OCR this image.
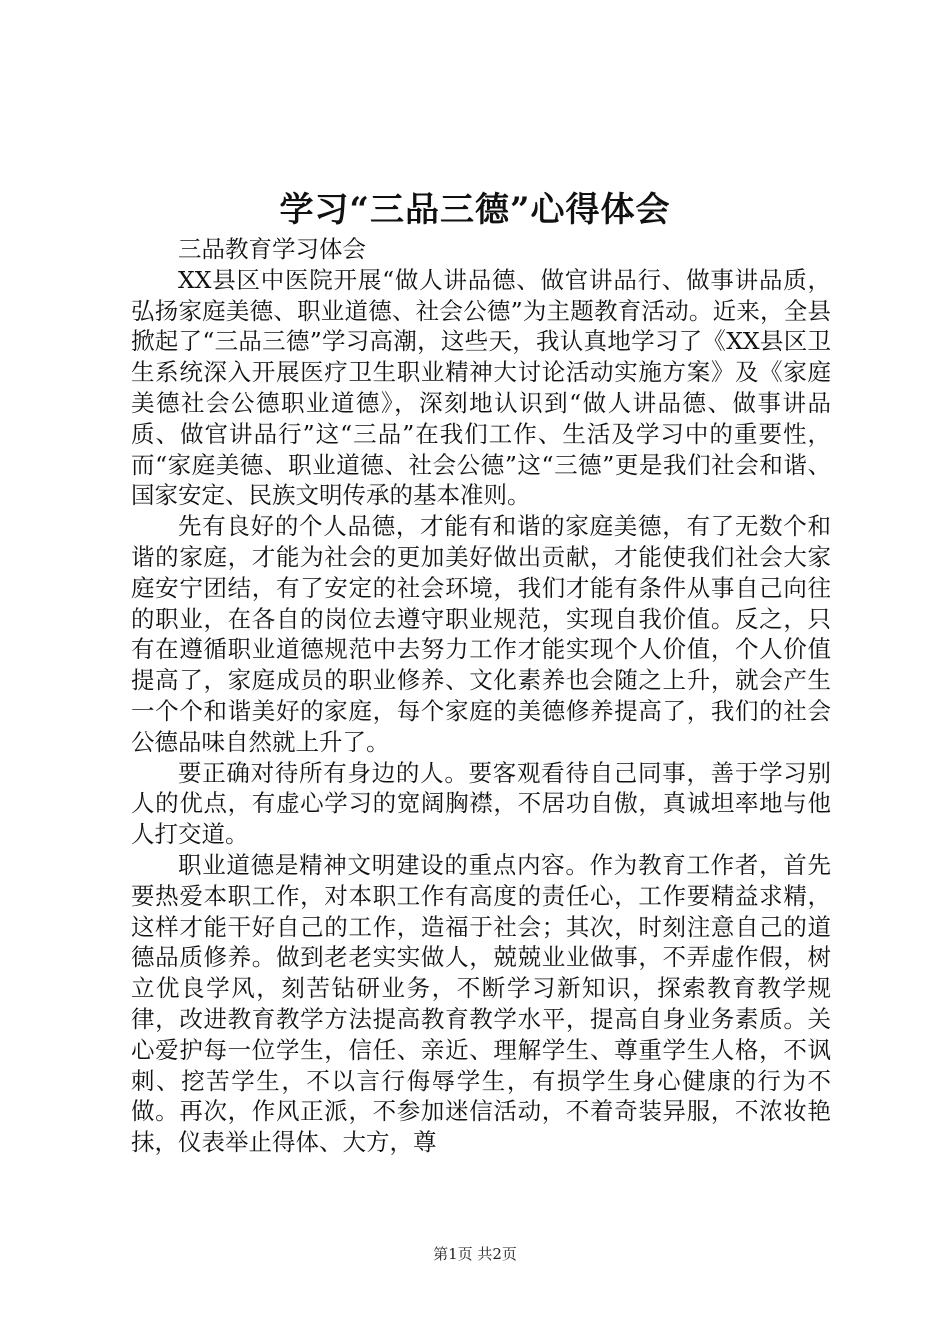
学习“三品三德”心得体会

三品教育学习体会

XX县区中医院开展“做人讲品德、做官讲品行、做事讲品质，弘扬家庭美德、职业道德、社会公德”为主题教育活动。近来，全县掀起了“三品三德”学习高潮，这些天，我认真地学习了《XX县区卫生系统深入开展医疗卫生职业精神大讨论活动实施方案》及《家庭美德社会公德职业道德》，深刻地认识到“做人讲品德、做事讲品质、做官讲品行”这“三品”在我们工作、生活及学习中的重要性，而“家庭美德、职业道德、社会公德”这“三德”更是我们社会和谐、国家安定、民族文明传承的基本准则。

先有良好的个人品德，才能有和谐的家庭美德，有了无数个和谐的家庭，才能为社会的更加美好做出贡献，才能使我们社会大家庭安宁团结，有了安定的社会环境，我们才能有条件从事自己向往的职业，在各自的岗位去遵守职业规范，实现自我价值。反之，只有在遵循职业道德规范中去努力工作才能实现个人价值，个人价值提高了，家庭成员的职业修养、文化素养也会随之上升，就会产生一个个和谐美好的家庭，每个家庭的美德修养提高了，我们的社会公德品味自然就上升了。

要正确对待所有身边的人。要客观看待自己同事，善于学习别人的优点，有虚心学习的宽阔胸襟，不居功自傲，真诚坦率地与他人打交道。

职业道德是精神文明建设的重点内容。作为教育工作者，首先要热爱本职工作，对本职工作有高度的责任心，工作要精益求精，这样才能干好自己的工作，造福于社会；其次，时刻注意自己的道德品质修养。做到老老实实做人，兢兢业业做事，不弄虚作假，树立优良学风，刻苦钻研业务，不断学习新知识，探索教育教学规律，改进教育教学方法提高教育教学水平，提高自身业务素质。关心爱护每一位学生，信任、亲近、理解学生、尊重学生人格，不讽刺、挖苦学生，不以言行侮辱学生，有损学生身心健康的行为不做。再次，作风正派，不参加迷信活动，不着奇装异服，不浓妆艳抹，仪表举止得体、大方，尊

第1页 共2页
